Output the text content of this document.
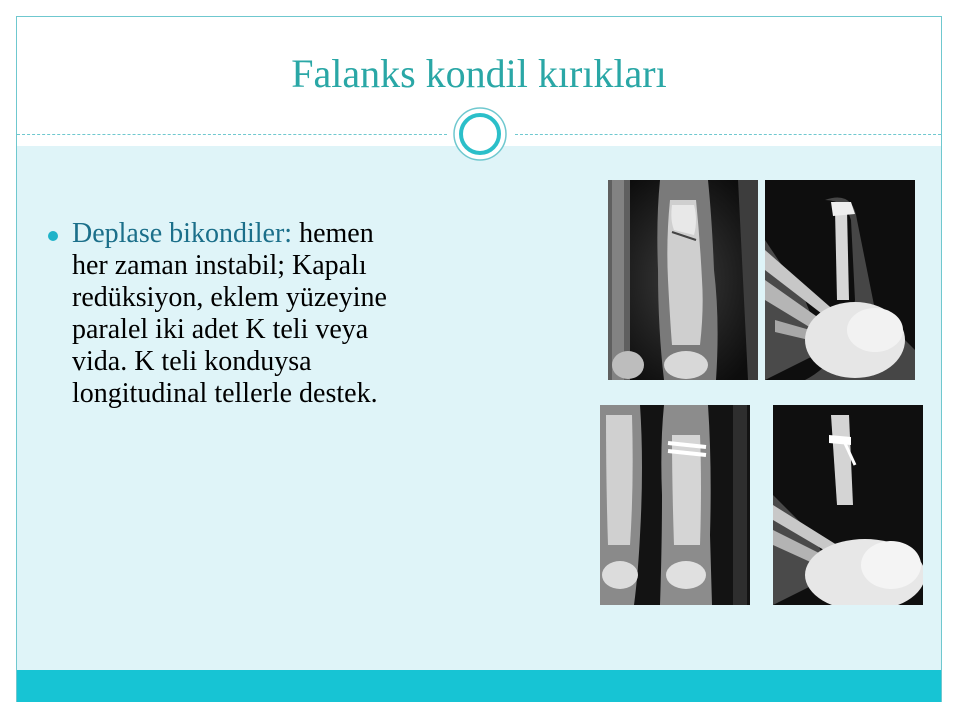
Falanks kondil kırıkları
Deplase bikondiler: hemen her zaman instabil; Kapalı redüksiyon, eklem yüzeyine paralel iki adet K teli veya vida. K teli konduysa longitudinal tellerle destek.
